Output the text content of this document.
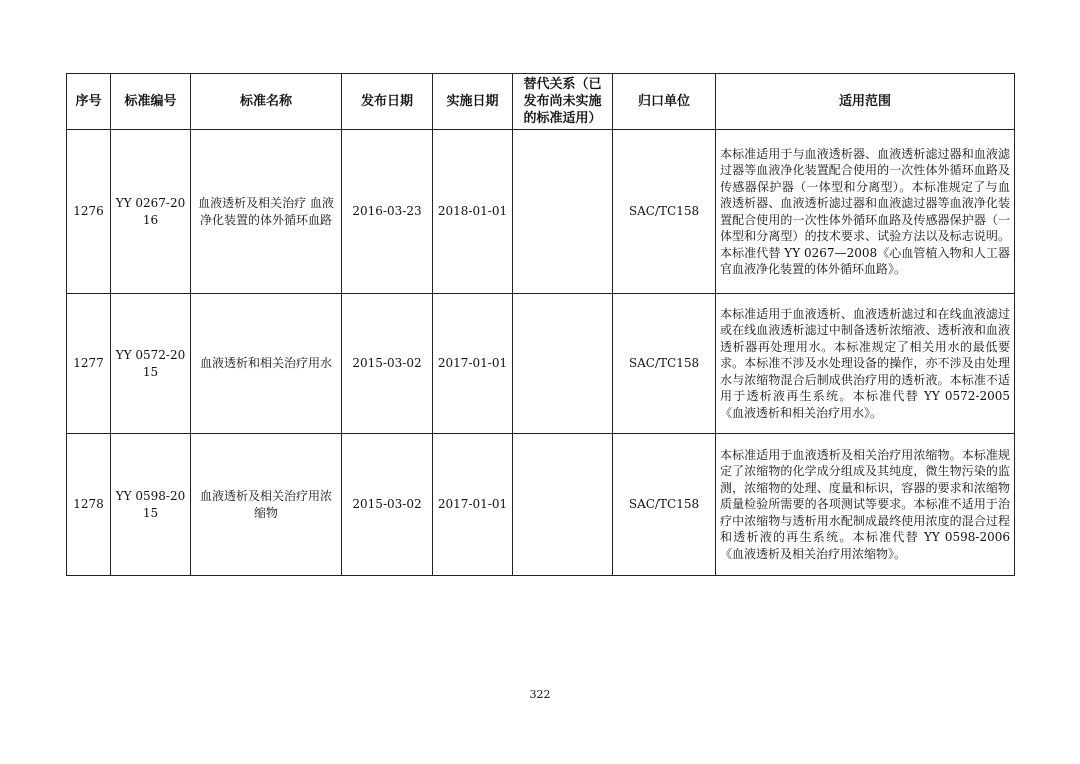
序号	标准编号	标准名称	发布日期	实施日期	替代关系（已发布尚未实施的标准适用）	归口单位	适用范围
1276	YY 0267-2016	血液透析及相关治疗 血液净化装置的体外循环血路	2016-03-23	2018-01-01		SAC/TC158	本标准适用于与血液透析器、血液透析滤过器和血液滤过器等血液净化装置配合使用的一次性体外循环血路及传感器保护器（一体型和分离型）。本标准规定了与血液透析器、血液透析滤过器和血液滤过器等血液净化装置配合使用的一次性体外循环血路及传感器保护器（一体型和分离型）的技术要求、试验方法以及标志说明。本标准代替 YY 0267—2008《心血管植入物和人工器官血液净化装置的体外循环血路》。
1277	YY 0572-2015	血液透析和相关治疗用水	2015-03-02	2017-01-01		SAC/TC158	本标准适用于血液透析、血液透析滤过和在线血液滤过或在线血液透析滤过中制备透析浓缩液、透析液和血液透析器再处理用水。本标准规定了相关用水的最低要求。本标准不涉及水处理设备的操作，亦不涉及由处理水与浓缩物混合后制成供治疗用的透析液。本标准不适用于透析液再生系统。本标准代替 YY 0572-2005《血液透析和相关治疗用水》。
1278	YY 0598-2015	血液透析及相关治疗用浓缩物	2015-03-02	2017-01-01		SAC/TC158	本标准适用于血液透析及相关治疗用浓缩物。本标准规定了浓缩物的化学成分组成及其纯度，微生物污染的监测，浓缩物的处理、度量和标识，容器的要求和浓缩物质量检验所需要的各项测试等要求。本标准不适用于治疗中浓缩物与透析用水配制成最终使用浓度的混合过程和透析液的再生系统。本标准代替 YY 0598-2006《血液透析及相关治疗用浓缩物》。
322
